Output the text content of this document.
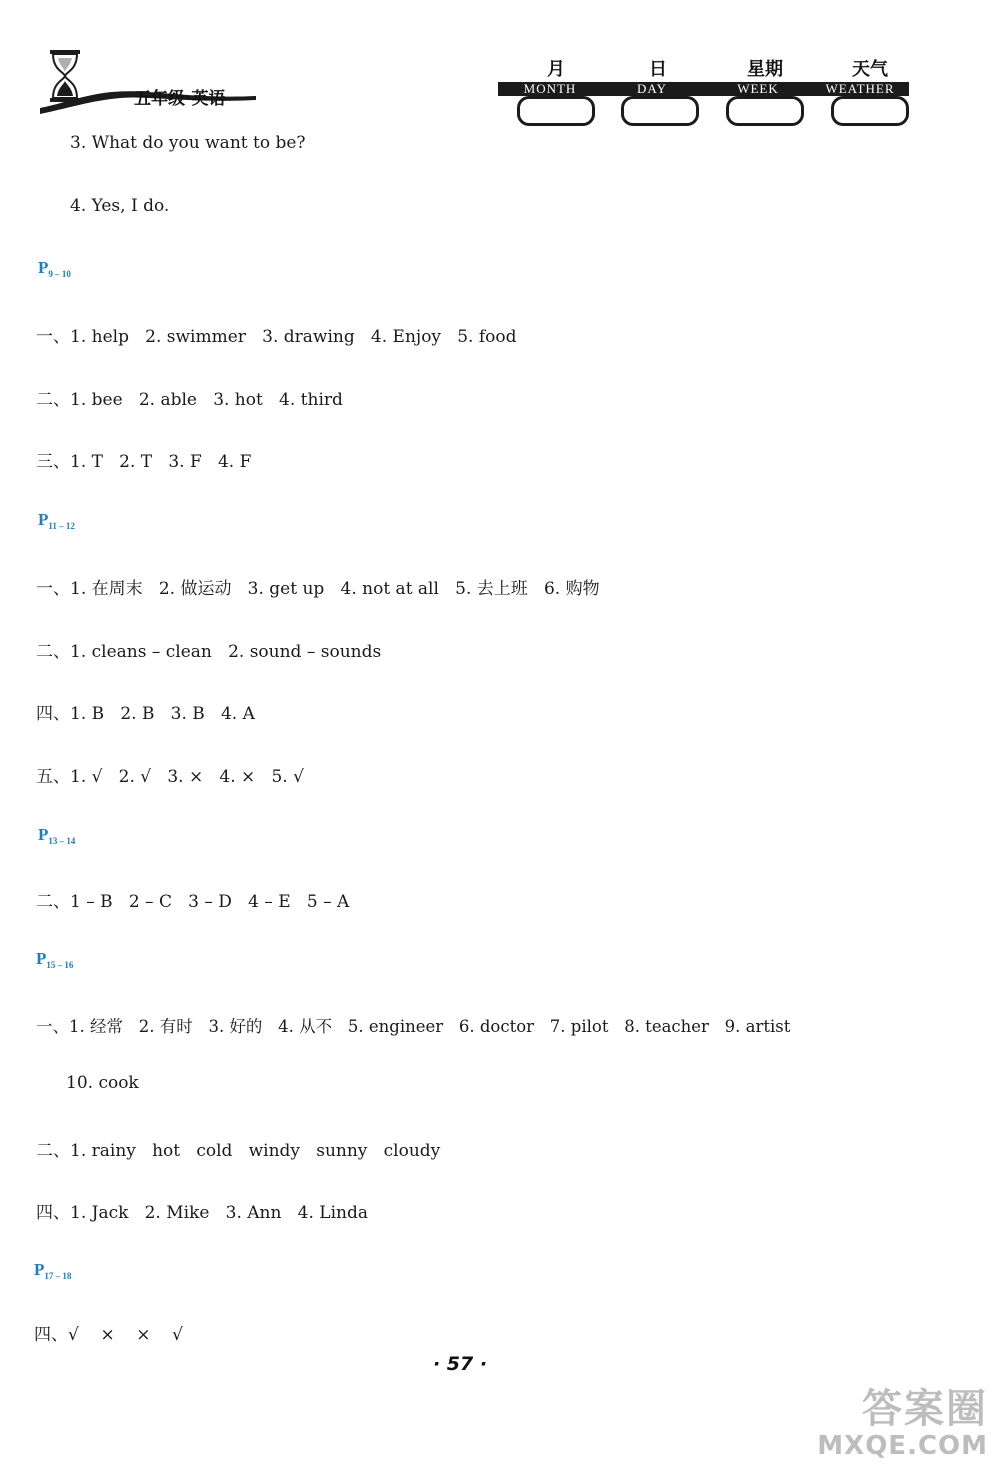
五年级·英语
月	日	星期	天气
MONTH	DAY	WEEK	WEATHER
3. What do you want to be?
4. Yes, I do.
$P_{9 - 10}$
一、1. help   2. swimmer   3. drawing   4. Enjoy   5. food
二、1. bee   2. able   3. hot   4. third
三、1. T   2. T   3. F   4. F
$P_{11 - 12}$
一、1. 在周末   2. 做运动   3. get up   4. not at all   5. 去上班   6. 购物
二、1. cleans – clean   2. sound – sounds
四、1. B   2. B   3. B   4. A
五、1. √   2. √   3. ×   4. ×   5. √
$P_{13 - 14}$
二、1 – B   2 – C   3 – D   4 – E   5 – A
$P_{15 - 16}$
一、1. 经常   2. 有时   3. 好的   4. 从不   5. engineer   6. doctor   7. pilot   8. teacher   9. artist
10. cook
二、1. rainy   hot   cold   windy   sunny   cloudy
四、1. Jack   2. Mike   3. Ann   4. Linda
$P_{17 - 18}$
四、√    ×    ×    √
· 57 ·
答案圈
MXQE.COM
